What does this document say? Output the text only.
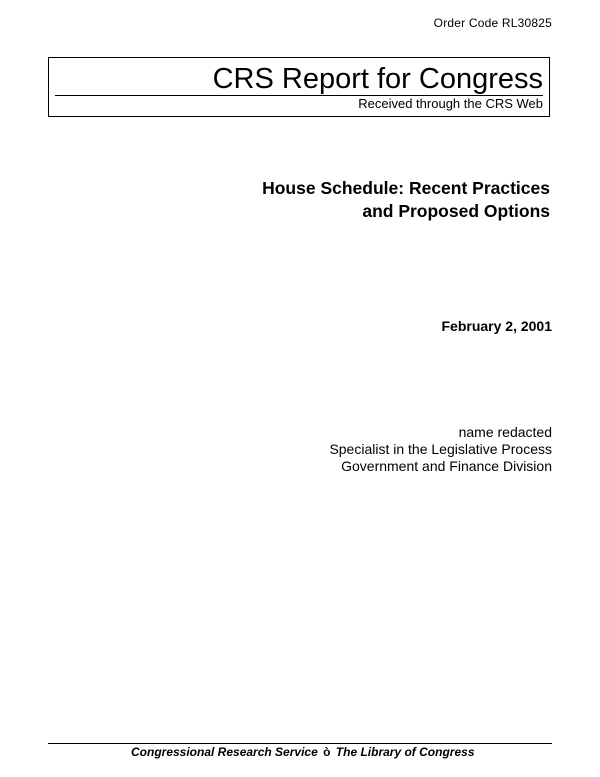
Order Code RL30825
CRS Report for Congress
Received through the CRS Web
House Schedule: Recent Practices
and Proposed Options
February 2, 2001
name redacted
Specialist in the Legislative Process
Government and Finance Division
Congressional Research Service ò The Library of Congress
